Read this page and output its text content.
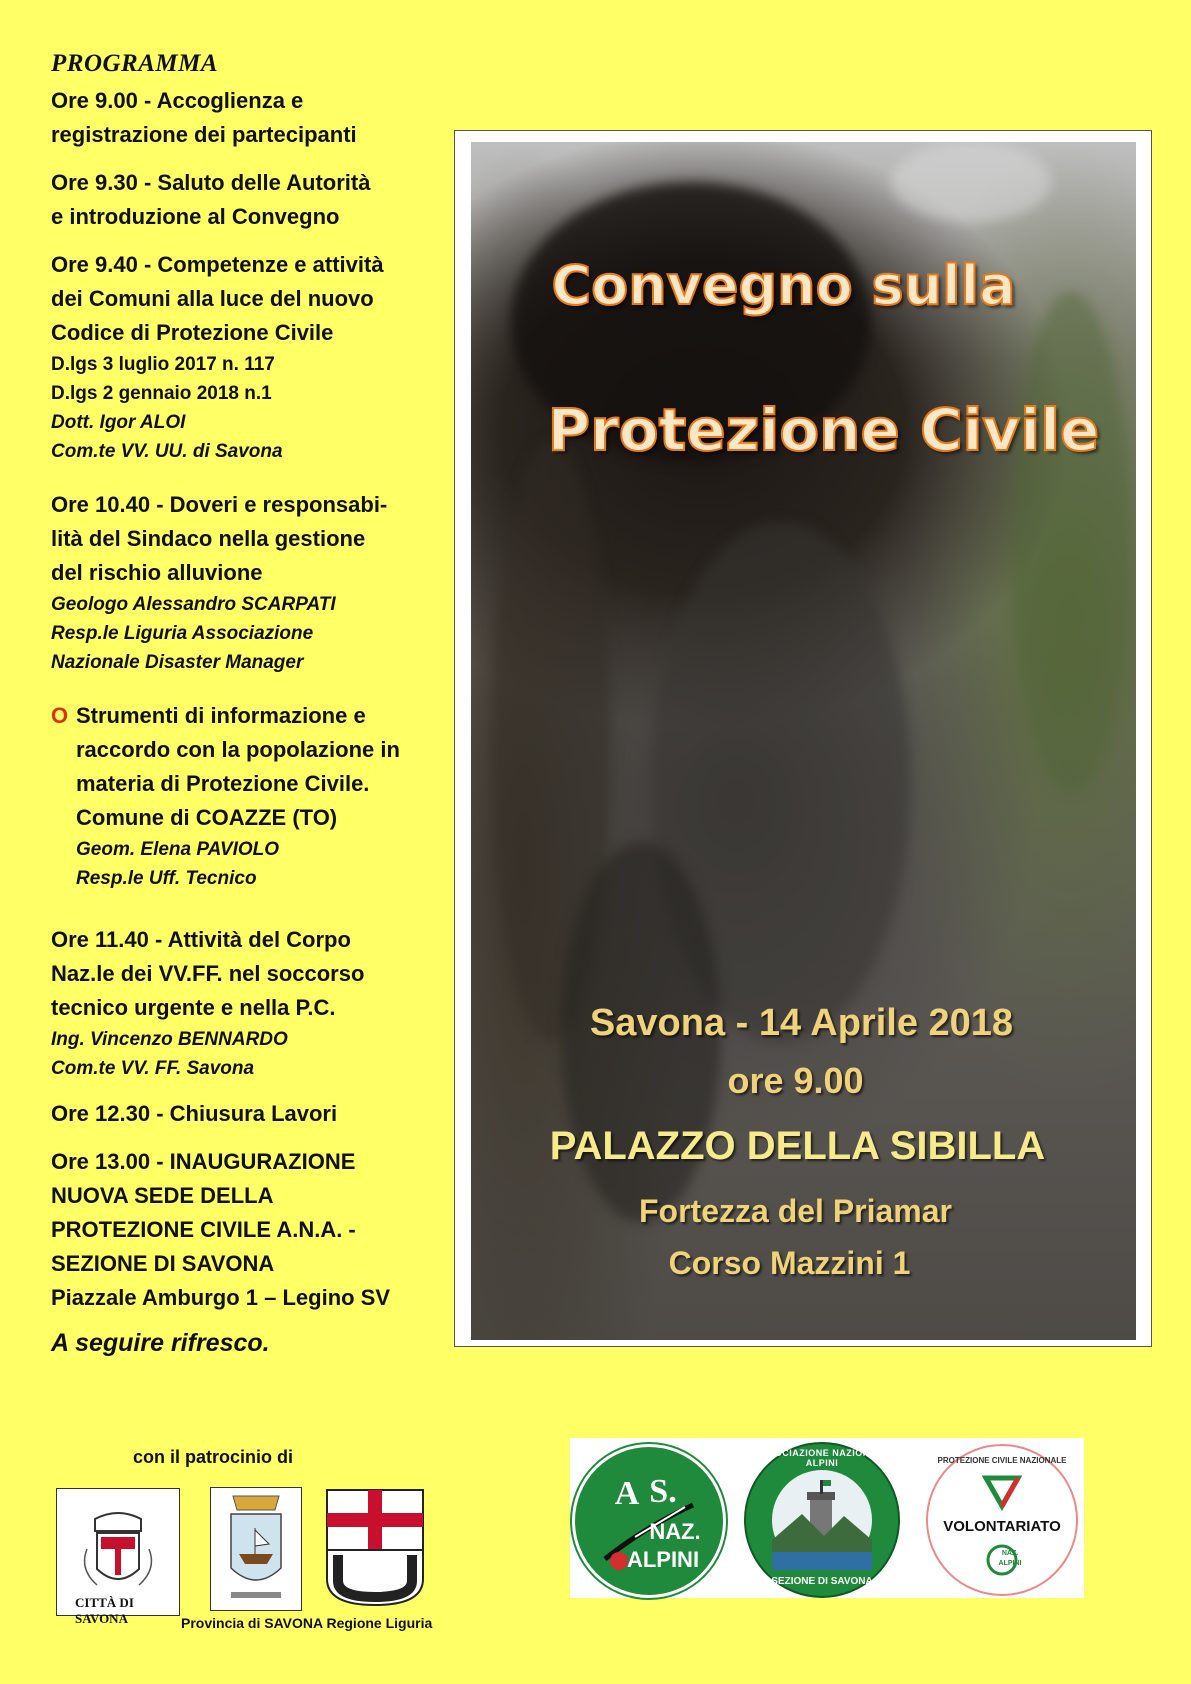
PROGRAMMA
Ore 9.00 - Accoglienza e
registrazione dei partecipanti
Ore 9.30 - Saluto delle Autorità
e introduzione al Convegno
Ore 9.40 - Competenze e attività
dei Comuni alla luce del nuovo
Codice di Protezione Civile
D.lgs 3 luglio 2017 n. 117
D.lgs 2 gennaio 2018 n.1
Dott. Igor ALOI
Com.te VV. UU. di Savona
Ore 10.40 - Doveri e responsabi-
lità del Sindaco nella gestione
del rischio alluvione
Geologo Alessandro SCARPATI
Resp.le Liguria Associazione
Nazionale Disaster Manager
O Strumenti di informazione e
raccordo con la popolazione in
materia di Protezione Civile.
Comune di COAZZE (TO)
Geom. Elena PAVIOLO
Resp.le Uff. Tecnico
Ore 11.40 - Attività del Corpo
Naz.le dei VV.FF. nel soccorso
tecnico urgente e nella P.C.
Ing. Vincenzo BENNARDO
Com.te VV. FF. Savona
Ore 12.30 - Chiusura Lavori
Ore 13.00 - INAUGURAZIONE
NUOVA SEDE DELLA
PROTEZIONE CIVILE A.N.A. -
SEZIONE DI SAVONA
Piazzale Amburgo 1 – Legino SV
A seguire rifresco.
con il patrocinio di
CITTÀ DI SAVONA	Provincia di SAVONA Regione Liguria
Convegno sulla
Protezione Civile
Savona - 14 Aprile 2018
ore 9.00
PALAZZO DELLA SIBILLA
Fortezza del Priamar
Corso Mazzini 1
A S.
NAZ.
ALPINI
ASSOCIAZIONE NAZIONALE ALPINI
SEZIONE DI SAVONA
PROTEZIONE CIVILE NAZIONALE
VOLONTARIATO
NAZ.
ALPINI
